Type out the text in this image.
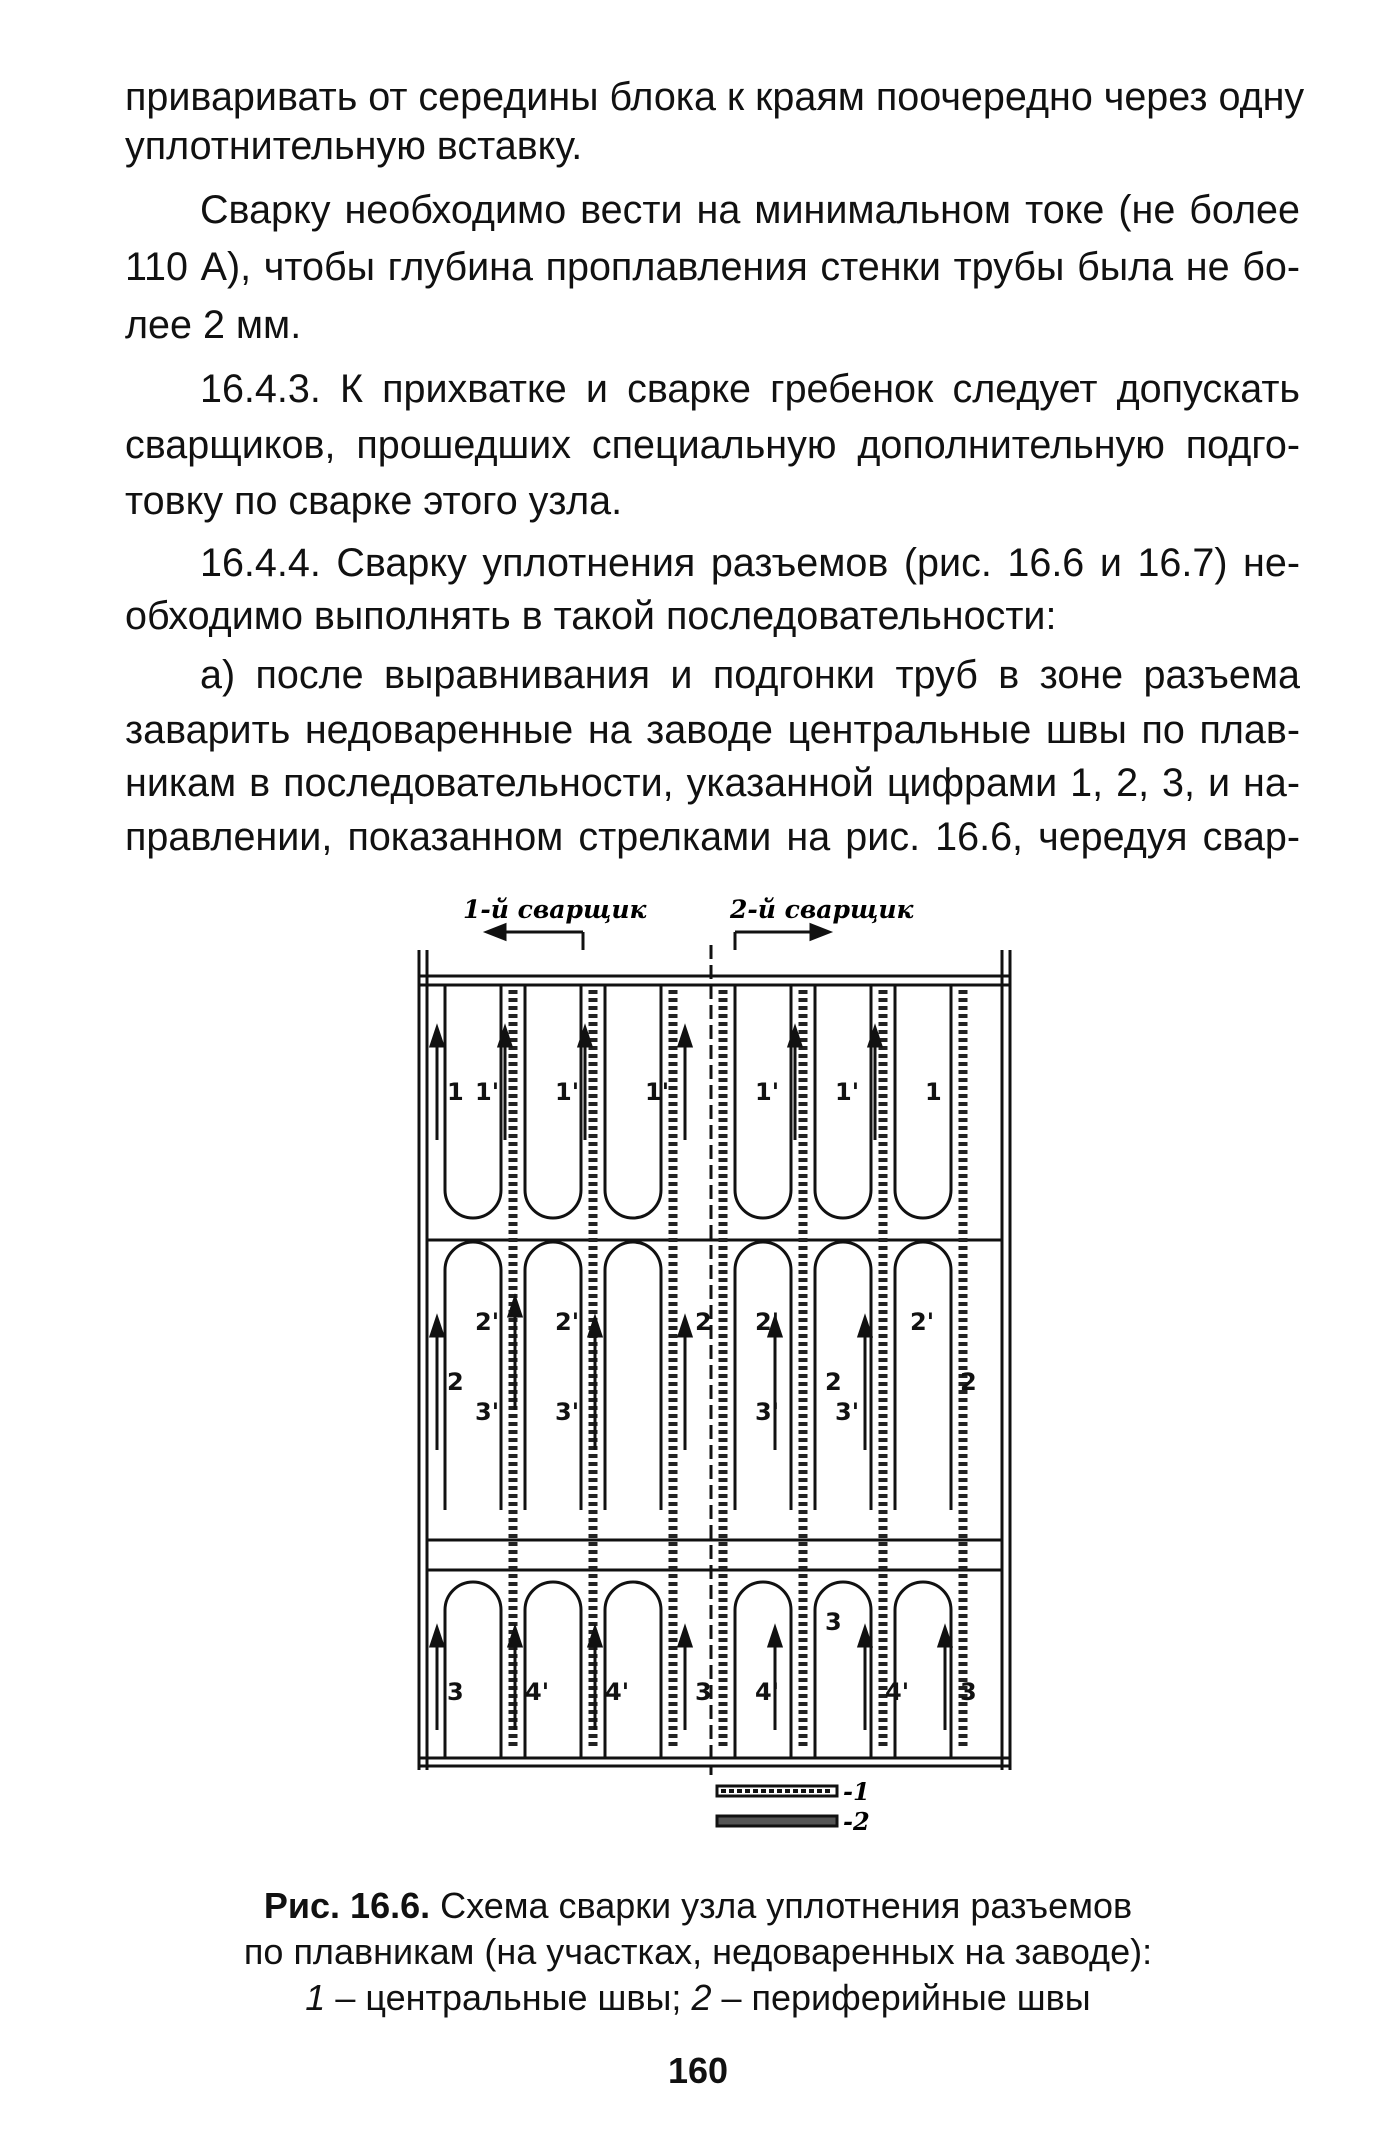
приваривать от середины блока к краям поочередно через одну
уплотнительную вставку.
Сварку необходимо вести на минимальном токе (не более
110 А), чтобы глубина проплавления стенки трубы была не бо-
лее 2 мм.
16.4.3. К прихватке и сварке гребенок следует допускать
сварщиков, прошедших специальную дополнительную подго-
товку по сварке этого узла.
16.4.4. Сварку уплотнения разъемов (рис. 16.6 и 16.7) не-
обходимо выполнять в такой последовательности:
а) после выравнивания и подгонки труб в зоне разъема
заварить недоваренные на заводе центральные швы по плав-
никам в последовательности, указанной цифрами 1, 2, 3, и на-
правлении, показанном стрелками на рис. 16.6, чередуя свар-
1-й сварщик	2-й сварщик
1 1' 1'	1'	1' 1'	1
2
2'
3'
2'
3'
2 2'
3'
2
3'
2'
2
3	4' 4'	3 4'
3
4' 3
-1
-2
Рис. 16.6. Схема сварки узла уплотнения разъемов
по плавникам (на участках, недоваренных на заводе):
1 – центральные швы; 2 – периферийные швы
160
